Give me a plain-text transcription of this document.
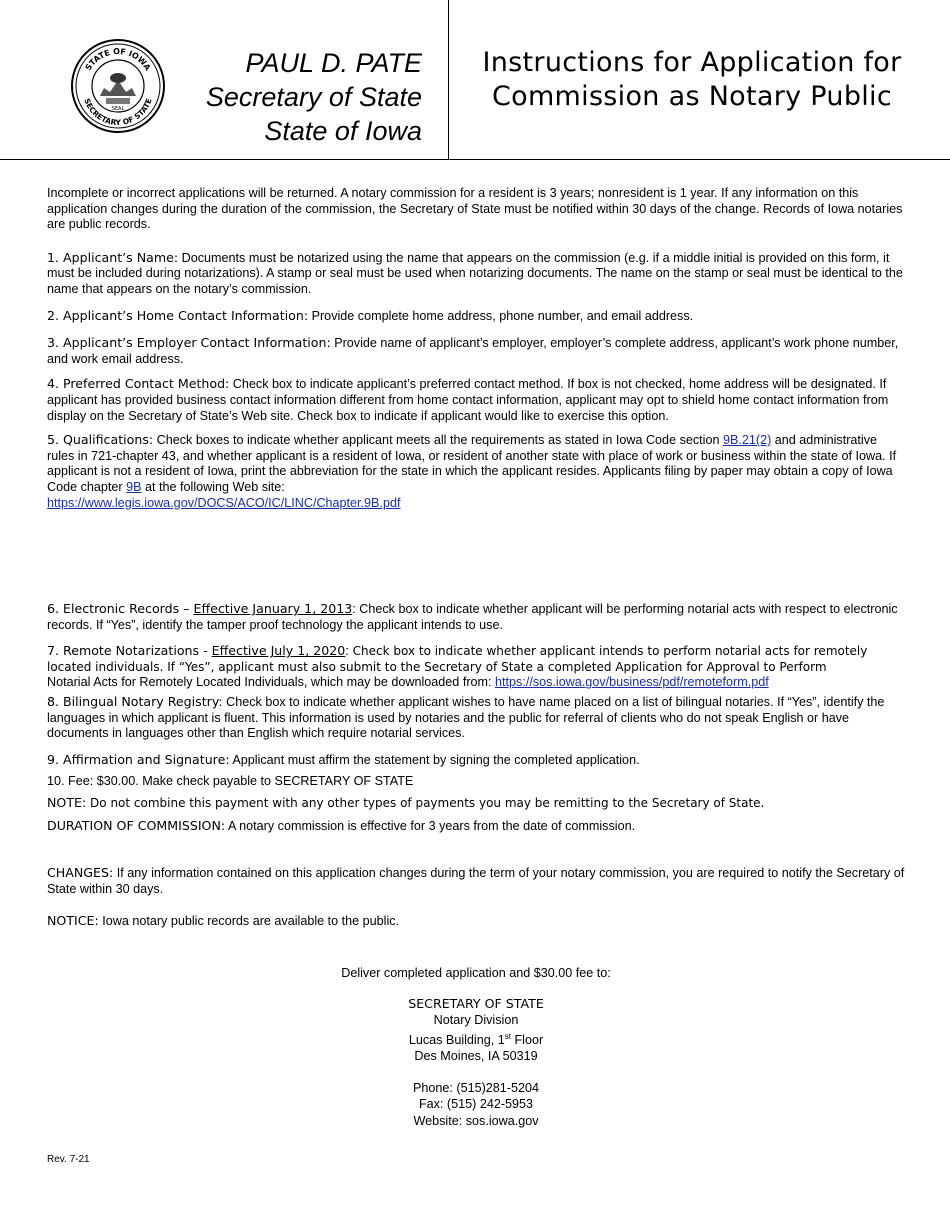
STATE OF IOWA
SECRETARY OF STATE
SEAL
PAUL D. PATE
Secretary of State
State of Iowa
Instructions for Application for
Commission as Notary Public

Incomplete or incorrect applications will be returned. A notary commission for a resident is 3 years; nonresident is 1 year. If any information on this application changes during the duration of the commission, the Secretary of State must be notified within 30 days of the change. Records of Iowa notaries are public records.

1. Applicant’s Name: Documents must be notarized using the name that appears on the commission (e.g. if a middle initial is provided on this form, it must be included during notarizations). A stamp or seal must be used when notarizing documents. The name on the stamp or seal must be identical to the name that appears on the notary’s commission.

2. Applicant’s Home Contact Information: Provide complete home address, phone number, and email address.

3. Applicant’s Employer Contact Information: Provide name of applicant’s employer, employer’s complete address, applicant’s work phone number, and work email address.

4. Preferred Contact Method: Check box to indicate applicant’s preferred contact method. If box is not checked, home address will be designated. If applicant has provided business contact information different from home contact information, applicant may opt to shield home contact information from display on the Secretary of State’s Web site. Check box to indicate if applicant would like to exercise this option.

5. Qualifications: Check boxes to indicate whether applicant meets all the requirements as stated in Iowa Code section 9B.21(2) and administrative rules in 721-chapter 43, and whether applicant is a resident of Iowa, or resident of another state with place of work or business within the state of Iowa. If applicant is not a resident of Iowa, print the abbreviation for the state in which the applicant resides. Applicants filing by paper may obtain a copy of Iowa Code chapter 9B at the following Web site:
https://www.legis.iowa.gov/DOCS/ACO/IC/LINC/Chapter.9B.pdf

6. Electronic Records – Effective January 1, 2013: Check box to indicate whether applicant will be performing notarial acts with respect to electronic records. If “Yes”, identify the tamper proof technology the applicant intends to use.

7. Remote Notarizations - Effective July 1, 2020: Check box to indicate whether applicant intends to perform notarial acts for remotely located individuals. If “Yes”, applicant must also submit to the Secretary of State a completed Application for Approval to Perform
Notarial Acts for Remotely Located Individuals, which may be downloaded from: https://sos.iowa.gov/business/pdf/remoteform.pdf

8. Bilingual Notary Registry: Check box to indicate whether applicant wishes to have name placed on a list of bilingual notaries. If “Yes”, identify the languages in which applicant is fluent. This information is used by notaries and the public for referral of clients who do not speak English or have documents in languages other than English which require notarial services.

9. Affirmation and Signature: Applicant must affirm the statement by signing the completed application.

10. Fee: $30.00. Make check payable to SECRETARY OF STATE

NOTE: Do not combine this payment with any other types of payments you may be remitting to the Secretary of State.

DURATION OF COMMISSION: A notary commission is effective for 3 years from the date of commission.

CHANGES: If any information contained on this application changes during the term of your notary commission, you are required to notify the Secretary of State within 30 days.

NOTICE: Iowa notary public records are available to the public.

Deliver completed application and $30.00 fee to:
SECRETARY OF STATE
Notary Division
Lucas Building, 1st Floor
Des Moines, IA 50319
Phone: (515)281-5204
Fax: (515) 242-5953
Website: sos.iowa.gov
Rev. 7-21
